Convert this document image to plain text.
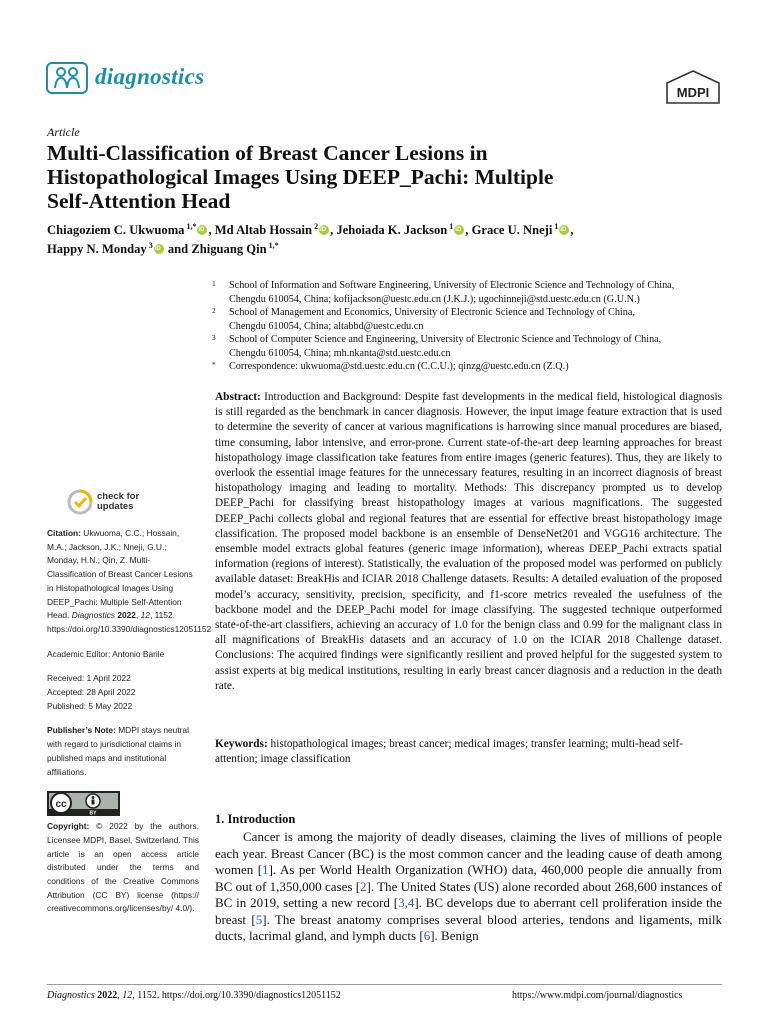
diagnostics
MDPI
Article
Multi-Classification of Breast Cancer Lesions in
Histopathological Images Using DEEP_Pachi: Multiple
Self-Attention Head
Chiagoziem C. Ukwuoma $^{1,*}$ iD , Md Altab Hossain $^2$ iD , Jehoiada K. Jackson $^1$ iD , Grace U. Nneji $^1$ iD ,
Happy N. Monday $^3$iD and Zhiguang Qin $^{1,*}$
1 School of Information and Software Engineering, University of Electronic Science and Technology of China,
Chengdu 610054, China; kofijackson@uestc.edu.cn (J.K.J.); ugochinneji@std.uestc.edu.cn (G.U.N.)
2 School of Management and Economics, University of Electronic Science and Technology of China,
Chengdu 610054, China; altabbd@uestc.edu.cn
3 School of Computer Science and Engineering, University of Electronic Science and Technology of China,
Chengdu 610054, China; mh.nkanta@std.uestc.edu.cn
* Correspondence: ukwuoma@std.uestc.edu.cn (C.C.U.); qinzg@uestc.edu.cn (Z.Q.)
Abstract: Introduction and Background: Despite fast developments in the medical field, histological diagnosis is still regarded as the benchmark in cancer diagnosis. However, the input image feature extraction that is used to determine the severity of cancer at various magnifications is harrowing since manual procedures are biased, time consuming, labor intensive, and error-prone. Current state-of-the-art deep learning approaches for breast histopathology image classification take features from entire images (generic features). Thus, they are likely to overlook the essential image features for the unnecessary features, resulting in an incorrect diagnosis of breast histopathology imaging and leading to mortality. Methods: This discrepancy prompted us to develop DEEP_Pachi for classifying breast histopathology images at various magnifications. The suggested DEEP_Pachi collects global and regional features that are essential for effective breast histopathology image classification. The proposed model backbone is an ensemble of DenseNet201 and VGG16 architecture. The ensemble model extracts global features (generic image information), whereas DEEP_Pachi extracts spatial information (regions of interest). Statistically, the evaluation of the proposed model was performed on publicly available dataset: BreakHis and ICIAR 2018 Challenge datasets. Results: A detailed evaluation of the proposed model’s accuracy, sensitivity, precision, specificity, and f1-score metrics revealed the usefulness of the backbone model and the DEEP_Pachi model for image classifying. The suggested technique outperformed state-of-the-art classifiers, achieving an accuracy of 1.0 for the benign class and 0.99 for the malignant class in all magnifications of BreakHis datasets and an accuracy of 1.0 on the ICIAR 2018 Challenge dataset. Conclusions: The acquired findings were significantly resilient and proved helpful for the suggested system to assist experts at big medical institutions, resulting in early breast cancer diagnosis and a reduction in the death rate.
Keywords: histopathological images; breast cancer; medical images; transfer learning; multi-head self-attention; image classification
check for
updates
Citation: Ukwuoma, C.C.; Hossain, M.A.; Jackson, J.K.; Nneji, G.U.; Monday, H.N.; Qin, Z. Multi-Classification of Breast Cancer Lesions in Histopathological Images Using DEEP_Pachi: Multiple Self-Attention Head. Diagnostics 2022, 12, 1152. https://doi.org/10.3390/diagnostics12051152
Academic Editor: Antonio Barile
Received: 1 April 2022
Accepted: 28 April 2022
Published: 5 May 2022
Publisher’s Note: MDPI stays neutral with regard to jurisdictional claims in published maps and institutional affiliations.
cc
BY
Copyright: © 2022 by the authors. Licensee MDPI, Basel, Switzerland. This article is an open access article distributed under the terms and conditions of the Creative Commons Attribution (CC BY) license (https:// creativecommons.org/licenses/by/ 4.0/).
1. Introduction
Cancer is among the majority of deadly diseases, claiming the lives of millions of people each year. Breast Cancer (BC) is the most common cancer and the leading cause of death among women [1]. As per World Health Organization (WHO) data, 460,000 people die annually from BC out of 1,350,000 cases [2]. The United States (US) alone recorded about 268,600 instances of BC in 2019, setting a new record [3,4]. BC develops due to aberrant cell proliferation inside the breast [5]. The breast anatomy comprises several blood arteries, tendons and ligaments, milk ducts, lacrimal gland, and lymph ducts [6]. Benign
Diagnostics 2022, 12, 1152. https://doi.org/10.3390/diagnostics12051152	https://www.mdpi.com/journal/diagnostics
